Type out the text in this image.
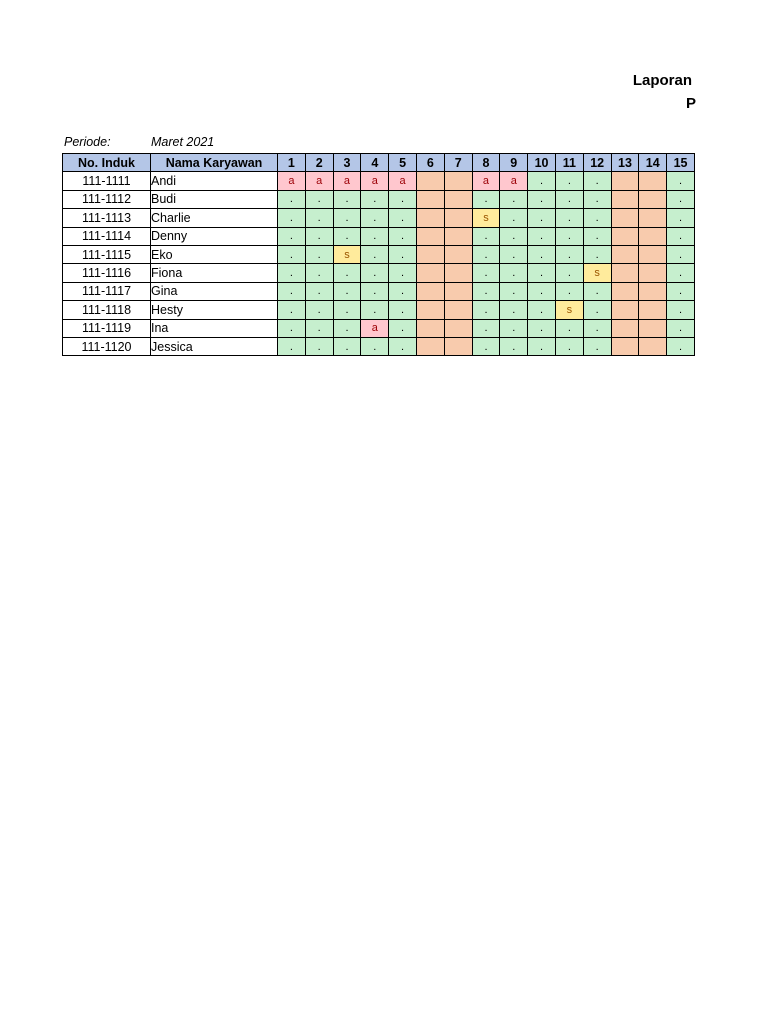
Laporan
P
Periode:	Maret 2021
No. Induk	Nama Karyawan	1	2	3	4	5	6	7	8	9	10	11	12	13	14	15
111-1111	Andi	a	a	a	a	a			a	a	.	.	.			.
111-1112	Budi	.	.	.	.	.			.	.	.	.	.			.
111-1113	Charlie	.	.	.	.	.			s	.	.	.	.			.
111-1114	Denny	.	.	.	.	.			.	.	.	.	.			.
111-1115	Eko	.	.	s	.	.			.	.	.	.	.			.
111-1116	Fiona	.	.	.	.	.			.	.	.	.	s			.
111-1117	Gina	.	.	.	.	.			.	.	.	.	.			.
111-1118	Hesty	.	.	.	.	.			.	.	.	s	.			.
111-1119	Ina	.	.	.	a	.			.	.	.	.	.			.
111-1120	Jessica	.	.	.	.	.			.	.	.	.	.			.
